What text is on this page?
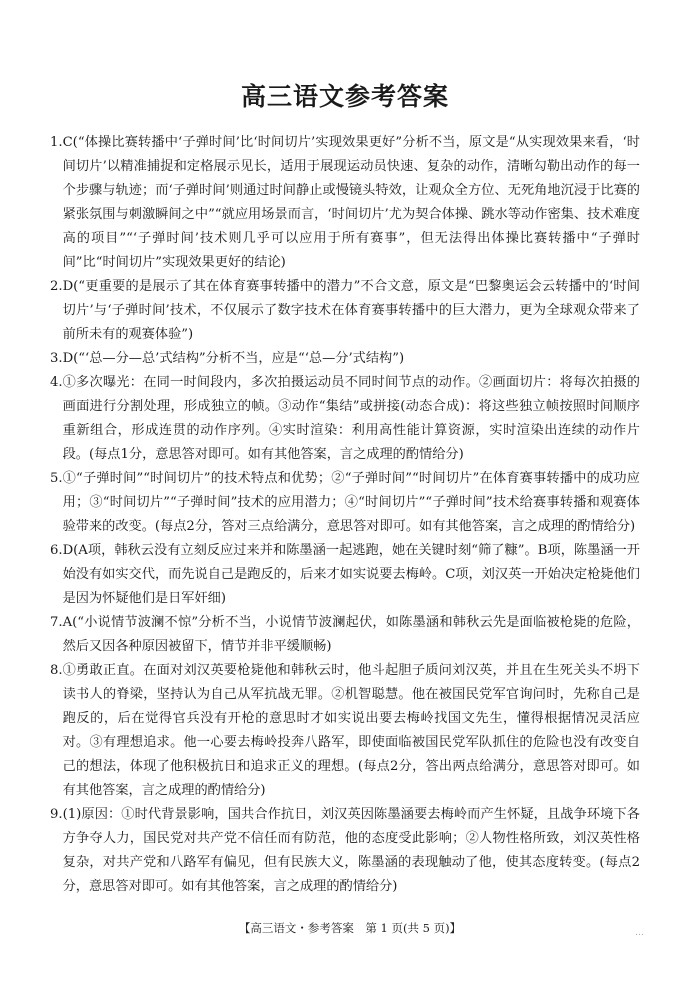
高三语文参考答案
1. C(“体操比赛转播中‘子弹时间’比‘时间切片’实现效果更好”分析不当，原文是“从实现效果来看，‘时间切片’以精准捕捉和定格展示见长，适用于展现运动员快速、复杂的动作，清晰勾勒出动作的每一个步骤与轨迹；而‘子弹时间’则通过时间静止或慢镜头特效，让观众全方位、无死角地沉浸于比赛的紧张氛围与刺激瞬间之中”“就应用场景而言，‘时间切片’尤为契合体操、跳水等动作密集、技术难度高的项目”“‘子弹时间’技术则几乎可以应用于所有赛事”，但无法得出体操比赛转播中“子弹时间”比“时间切片”实现效果更好的结论)
2. D(“更重要的是展示了其在体育赛事转播中的潜力”不合文意，原文是“巴黎奥运会云转播中的‘时间切片’与‘子弹时间’技术，不仅展示了数字技术在体育赛事转播中的巨大潜力，更为全球观众带来了前所未有的观赛体验”)
3. D(“‘总—分—总’式结构”分析不当，应是“‘总—分’式结构”)
4. ①多次曝光：在同一时间段内，多次拍摄运动员不同时间节点的动作。②画面切片：将每次拍摄的画面进行分割处理，形成独立的帧。③动作“集结”或拼接(动态合成)：将这些独立帧按照时间顺序重新组合，形成连贯的动作序列。④实时渲染：利用高性能计算资源，实时渲染出连续的动作片段。(每点1分，意思答对即可。如有其他答案，言之成理的酌情给分)
5. ①“子弹时间”“时间切片”的技术特点和优势；②“子弹时间”“时间切片”在体育赛事转播中的成功应用；③“时间切片”“子弹时间”技术的应用潜力；④“时间切片”“子弹时间”技术给赛事转播和观赛体验带来的改变。(每点2分，答对三点给满分，意思答对即可。如有其他答案，言之成理的酌情给分)
6. D(A项，韩秋云没有立刻反应过来并和陈墨涵一起逃跑，她在关键时刻“筛了糠”。B项，陈墨涵一开始没有如实交代，而先说自己是跑反的，后来才如实说要去梅岭。C项，刘汉英一开始决定枪毙他们是因为怀疑他们是日军奸细)
7. A(“小说情节波澜不惊”分析不当，小说情节波澜起伏，如陈墨涵和韩秋云先是面临被枪毙的危险，然后又因各种原因被留下，情节并非平缓顺畅)
8. ①勇敢正直。在面对刘汉英要枪毙他和韩秋云时，他斗起胆子质问刘汉英，并且在生死关头不坍下读书人的脊梁，坚持认为自己从军抗战无罪。②机智聪慧。他在被国民党军官询问时，先称自己是跑反的，后在觉得官兵没有开枪的意思时才如实说出要去梅岭找国文先生，懂得根据情况灵活应对。③有理想追求。他一心要去梅岭投奔八路军，即使面临被国民党军队抓住的危险也没有改变自己的想法，体现了他积极抗日和追求正义的理想。(每点2分，答出两点给满分，意思答对即可。如有其他答案，言之成理的酌情给分)
9. (1)原因：①时代背景影响，国共合作抗日，刘汉英因陈墨涵要去梅岭而产生怀疑，且战争环境下各方争夺人力，国民党对共产党不信任而有防范，他的态度受此影响；②人物性格所致，刘汉英性格复杂，对共产党和八路军有偏见，但有民族大义，陈墨涵的表现触动了他，使其态度转变。(每点2分，意思答对即可。如有其他答案，言之成理的酌情给分)
【高三语文・参考答案　第 1 页(共 5 页)】	…
